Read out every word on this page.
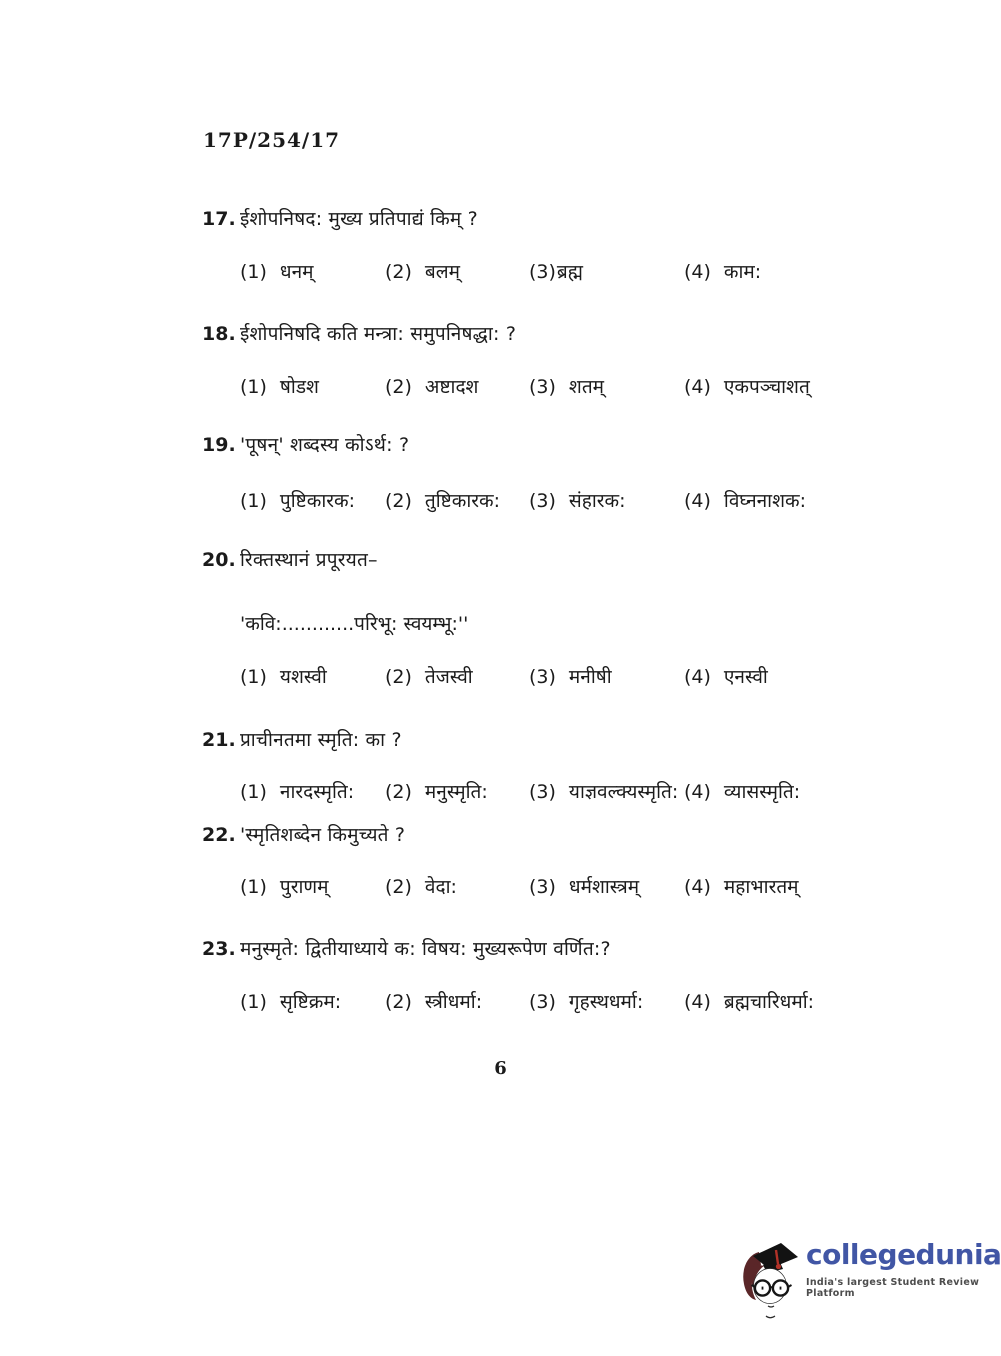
17P/254/17
17. ईशोपनिषद: मुख्य प्रतिपाद्यं किम् ?
(1) धनम्	(2) बलम्	(3)ब्रह्म	(4) काम:
18. ईशोपनिषदि कति मन्त्रा: समुपनिषद्धा: ?
(1) षोडश	(2) अष्टादश	(3) शतम्	(4) एकपञ्चाशत्
19. 'पूषन्' शब्दस्य कोऽर्थ: ?
(1) पुष्टिकारक:	(2) तुष्टिकारक:	(3) संहारक:	(4) विघ्ननाशक:
20. रिक्तस्थानं प्रपूरयत–
'कवि:............परिभू: स्वयम्भू:''
(1) यशस्वी	(2) तेजस्वी	(3) मनीषी	(4) एनस्वी
21. प्राचीनतमा स्मृति: का ?
(1) नारदस्मृति:	(2) मनुस्मृति:	(3) याज्ञवल्क्यस्मृति: (4) व्यासस्मृति:
22. 'स्मृतिशब्देन किमुच्यते ?
(1) पुराणम्	(2) वेदा:	(3) धर्मशास्त्रम्	(4) महाभारतम्
23. मनुस्मृते: द्वितीयाध्याये क: विषय: मुख्यरूपेण वर्णित:?
(1) सृष्टिक्रम:	(2) स्त्रीधर्मा:	(3) गृहस्थधर्मा:	(4) ब्रह्मचारिधर्मा:
6
collegedunia
India's largest Student Review Platform
